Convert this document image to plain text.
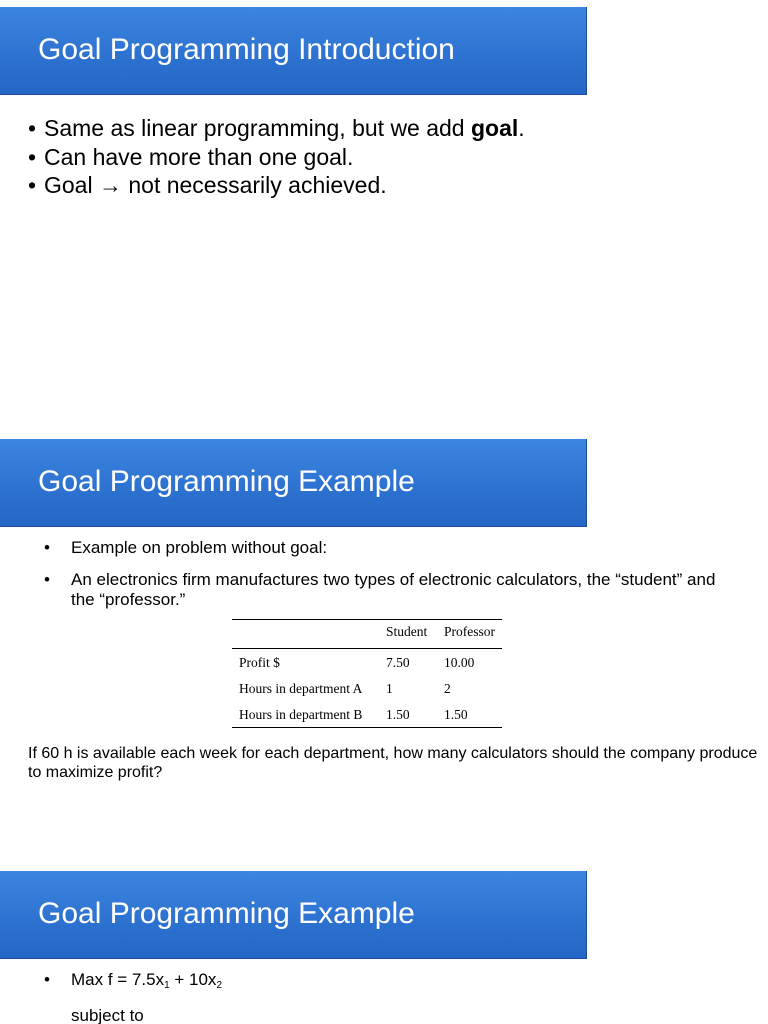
Goal Programming Introduction
• Same as linear programming, but we add goal.
• Can have more than one goal.
• Goal → not necessarily achieved.
Goal Programming Example
• Example on problem without goal:
• An electronics firm manufactures two types of electronic calculators, the “student” and the “professor.”
	Student	Professor
Profit $	7.50	10.00
Hours in department A	1	2
Hours in department B	1.50	1.50
If 60 h is available each week for each department, how many calculators should the company produce to maximize profit?
Goal Programming Example
• Max $f = 7.5x_1 + 10x_2$
subject to
